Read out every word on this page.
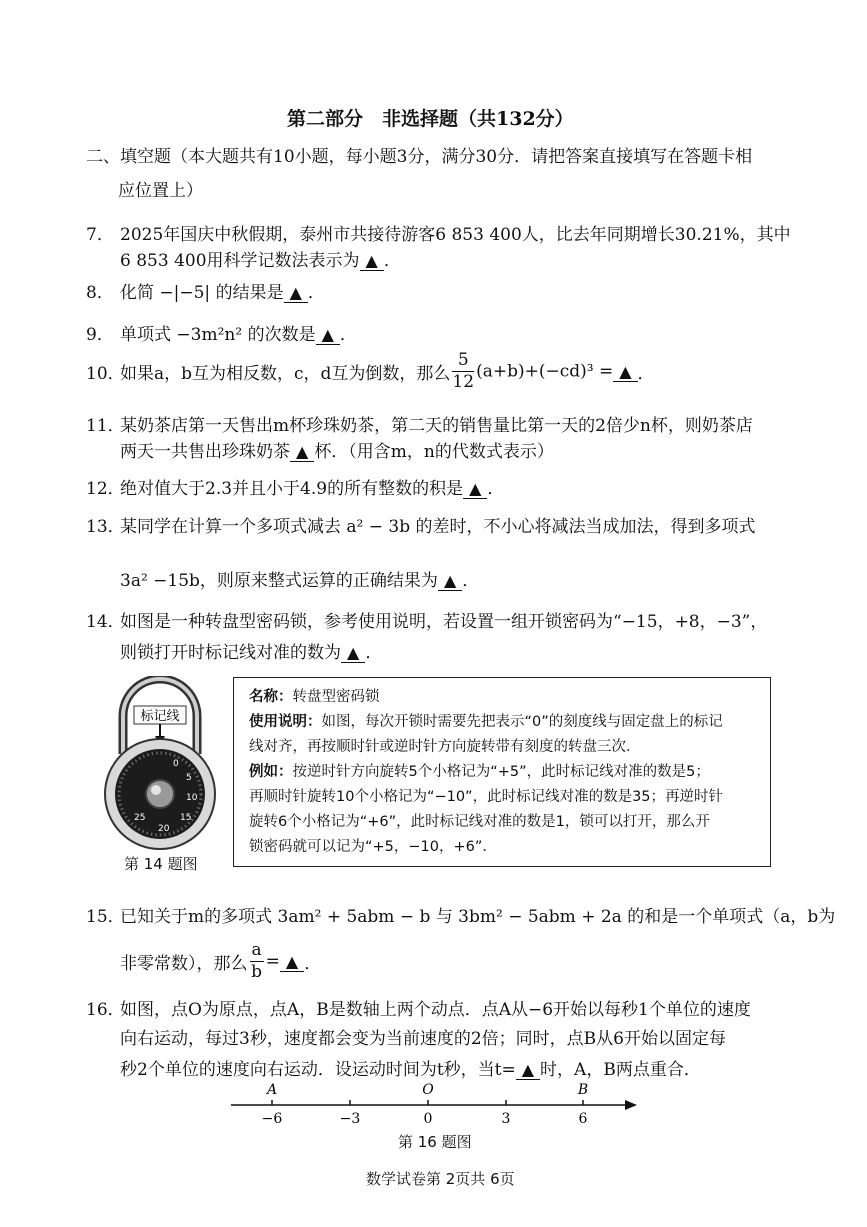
第二部分　非选择题（共132分）
二、填空题（本大题共有10小题，每小题3分，满分30分．请把答案直接填写在答题卡相
应位置上）
7． 2025年国庆中秋假期，泰州市共接待游客6 853 400人，比去年同期增长30.21%，其中
6 853 400用科学记数法表示为 ▲ ．
8． 化简 −|−5| 的结果是 ▲ ．
9． 单项式 −3m²n² 的次数是 ▲ ．
10．如果a，b互为相反数，c，d互为倒数，那么 $\frac{5}{12} (a+b)+(-cd)^3$ = ▲ ．
11．某奶茶店第一天售出m杯珍珠奶茶，第二天的销售量比第一天的2倍少n杯，则奶茶店
两天一共售出珍珠奶茶 ▲ 杯．（用含m，n的代数式表示）
12．绝对值大于2.3并且小于4.9的所有整数的积是 ▲ ．
13．某同学在计算一个多项式减去 a² − 3b 的差时，不小心将减法当成加法，得到多项式
3a² −15b，则原来整式运算的正确结果为 ▲ ．
14．如图是一种转盘型密码锁，参考使用说明，若设置一组开锁密码为“−15，+8，−3”，
则锁打开时标记线对准的数为 ▲ ．
标记线
0
5
10
15
20
25
第 14 题图
名称：转盘型密码锁
使用说明：如图，每次开锁时需要先把表示“0”的刻度线与固定盘上的标记
线对齐，再按顺时针或逆时针方向旋转带有刻度的转盘三次．
例如：按逆时针方向旋转5个小格记为“+5”，此时标记线对准的数是5；
再顺时针旋转10个小格记为“−10”，此时标记线对准的数是35；再逆时针
旋转6个小格记为“+6”，此时标记线对准的数是1，锁可以打开，那么开
锁密码就可以记为“+5，−10，+6”．
15．已知关于m的多项式 3am² + 5abm − b 与 3bm² − 5abm + 2a 的和是一个单项式（a，b为
非零常数），那么 $\frac{a}{b}$ = ▲ ．
16．如图，点O为原点，点A，B是数轴上两个动点．点A从−6开始以每秒1个单位的速度
向右运动，每过3秒，速度都会变为当前速度的2倍；同时，点B从6开始以固定每
秒2个单位的速度向右运动．设运动时间为t秒，当t= ▲ 时，A，B两点重合．
A	O	B
−6	−3	0	3	6
第 16 题图
数学试卷第 2页共 6页
